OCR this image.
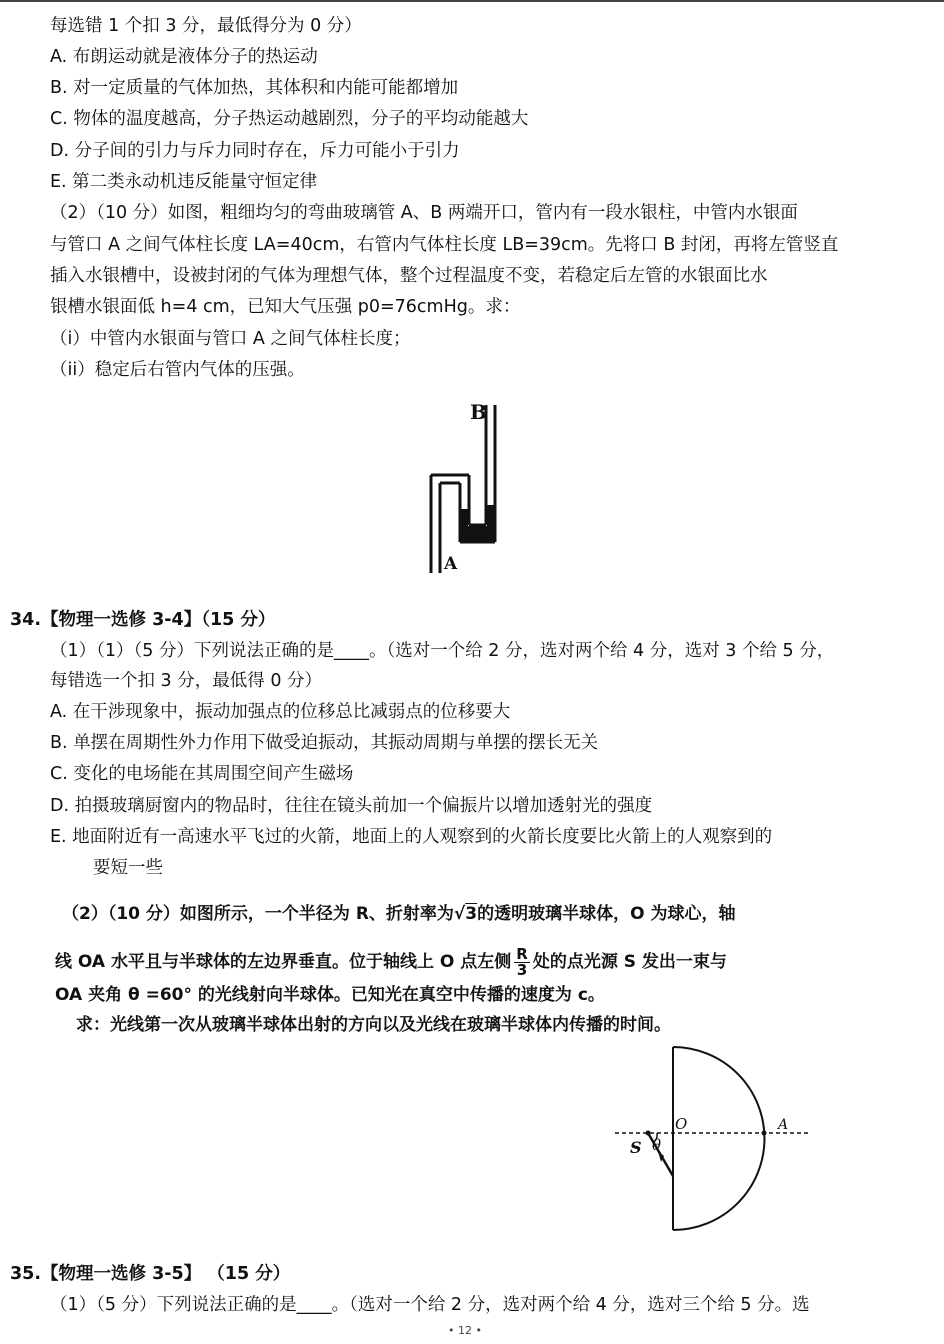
每选错 1 个扣 3 分，最低得分为 0 分）
A. 布朗运动就是液体分子的热运动
B. 对一定质量的气体加热，其体积和内能可能都增加
C. 物体的温度越高，分子热运动越剧烈，分子的平均动能越大
D. 分子间的引力与斥力同时存在，斥力可能小于引力
E. 第二类永动机违反能量守恒定律
（2）（10 分）如图，粗细均匀的弯曲玻璃管 A、B 两端开口，管内有一段水银柱，中管内水银面
与管口 A 之间气体柱长度 LA=40cm，右管内气体柱长度 LB=39cm。先将口 B 封闭，再将左管竖直
插入水银槽中，设被封闭的气体为理想气体，整个过程温度不变，若稳定后左管的水银面比水
银槽水银面低 h=4 cm，已知大气压强 p0=76cmHg。求：
（i）中管内水银面与管口 A 之间气体柱长度；
（ii）稳定后右管内气体的压强。
B
A
34.【物理一选修 3-4】（15 分）
（1）（1）（5 分）下列说法正确的是____。（选对一个给 2 分，选对两个给 4 分，选对 3 个给 5 分，
每错选一个扣 3 分，最低得 0 分）
A. 在干涉现象中，振动加强点的位移总比减弱点的位移要大
B. 单摆在周期性外力作用下做受迫振动，其振动周期与单摆的摆长无关
C. 变化的电场能在其周围空间产生磁场
D. 拍摄玻璃厨窗内的物品时，往往在镜头前加一个偏振片以增加透射光的强度
E. 地面附近有一高速水平飞过的火箭，地面上的人观察到的火箭长度要比火箭上的人观察到的
要短一些
（2）（10 分）如图所示，一个半径为 R、折射率为√3的透明玻璃半球体，O 为球心，轴
线 OA 水平且与半球体的左边界垂直。位于轴线上 O 点左侧 $\frac{R}{3}$ 处的点光源 S 发出一束与
OA 夹角 θ =60° 的光线射向半球体。已知光在真空中传播的速度为 c。
求：光线第一次从玻璃半球体出射的方向以及光线在玻璃半球体内传播的时间。
O	A
S θ
35.【物理一选修 3-5】 （15 分）
（1）（5 分）下列说法正确的是____。（选对一个给 2 分，选对两个给 4 分，选对三个给 5 分。选
• 12 •
